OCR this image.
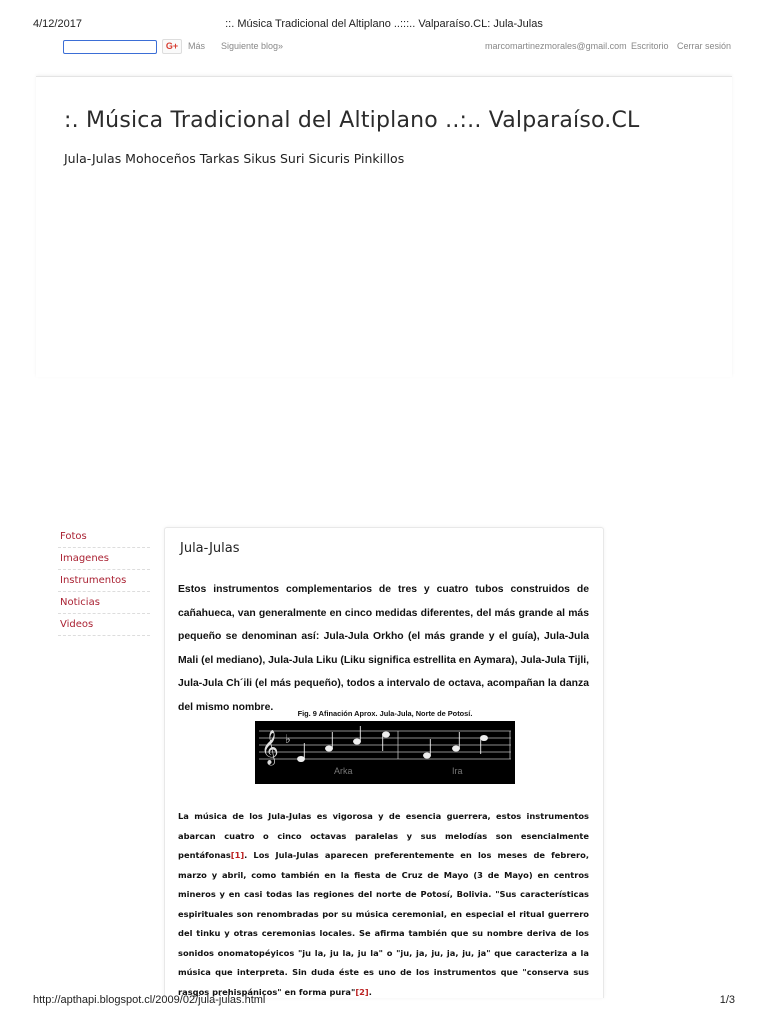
4/12/2017	::. Música Tradicional del Altiplano ..:::.. Valparaíso.CL: Jula-Julas
G+	Más Siguiente blog»	marcomartinezmorales@gmail.com Escritorio Cerrar sesión
:. Música Tradicional del Altiplano ..:.. Valparaíso.CL
Jula-Julas Mohoceños Tarkas Sikus Suri Sicuris Pinkillos
Fotos
Imagenes
Instrumentos
Noticias
Videos
Jula-Julas
Estos instrumentos complementarios de tres y cuatro tubos construidos de cañahueca, van generalmente en cinco medidas diferentes, del más grande al más pequeño se denominan así: Jula-Jula Orkho (el más grande y el guía), Jula-Jula Mali (el mediano), Jula-Jula Liku (Liku significa estrellita en Aymara), Jula-Jula Tijli, Jula-Jula Ch´ili (el más pequeño), todos a intervalo de octava, acompañan la danza del mismo nombre.
Fig. 9 Afinación Aprox. Jula-Jula, Norte de Potosí.
𝄞 ♭
Arka	Ira
La música de los Jula-Julas es vigorosa y de esencia guerrera, estos instrumentos abarcan cuatro o cinco octavas paralelas y sus melodías son esencialmente pentáfonas[1]. Los Jula-Julas aparecen preferentemente en los meses de febrero, marzo y abril, como también en la fiesta de Cruz de Mayo (3 de Mayo) en centros mineros y en casi todas las regiones del norte de Potosí, Bolivia. "Sus características espirituales son renombradas por su música ceremonial, en especial el ritual guerrero del tinku y otras ceremonias locales. Se afirma también que su nombre deriva de los sonidos onomatopéyicos "ju la, ju la, ju la" o "ju, ja, ju, ja, ju, ja" que caracteriza a la música que interpreta. Sin duda éste es uno de los instrumentos que "conserva sus rasgos prehispánicos" en forma pura"[2].
http://apthapi.blogspot.cl/2009/02/jula-julas.html	1/3
